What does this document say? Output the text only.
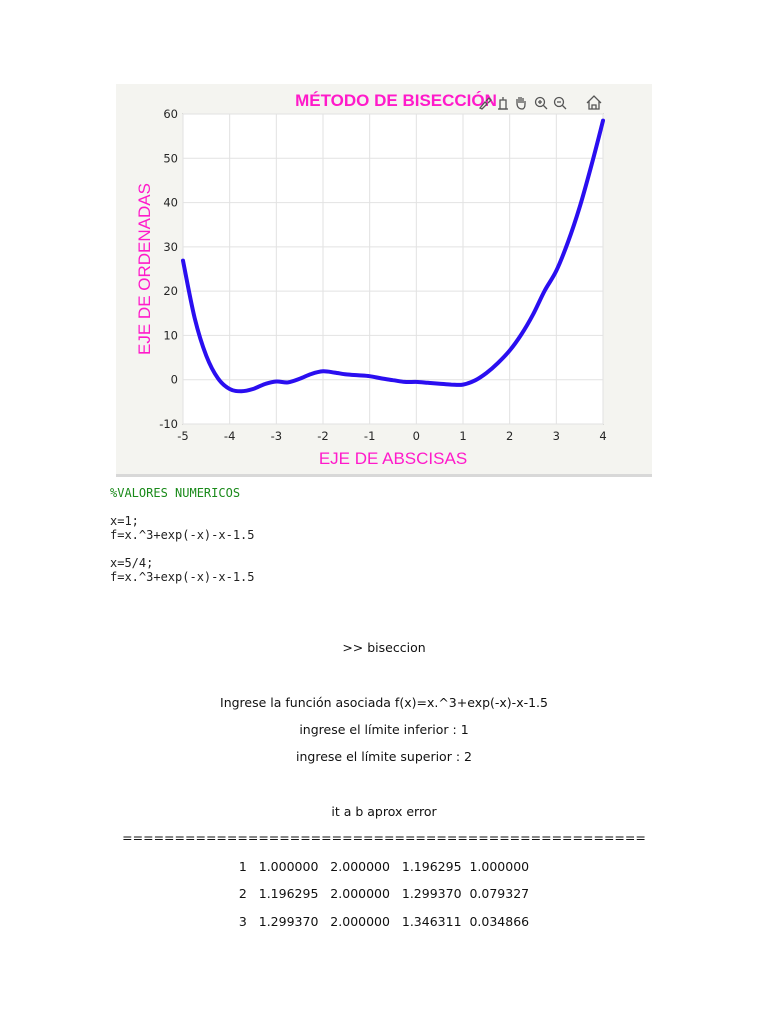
-5	-4	-3	-2	-1	0	1	2	3	4
-10
0
10
20
30
40
50
60
MÉTODO DE BISECCIÓN
EJE DE ABSCISAS
EJE DE ORDENADAS
%VALORES NUMERICOS
x=1;
f=x.^3+exp(-x)-x-1.5
x=5/4;
f=x.^3+exp(-x)-x-1.5
>> biseccion
Ingrese la función asociada f(x)=x.^3+exp(-x)-x-1.5
ingrese el límite inferior : 1
ingrese el límite superior : 2
it a b aprox error
==================================================
1   1.000000   2.000000   1.196295  1.000000
2   1.196295   2.000000   1.299370  0.079327
3   1.299370   2.000000   1.346311  0.034866
